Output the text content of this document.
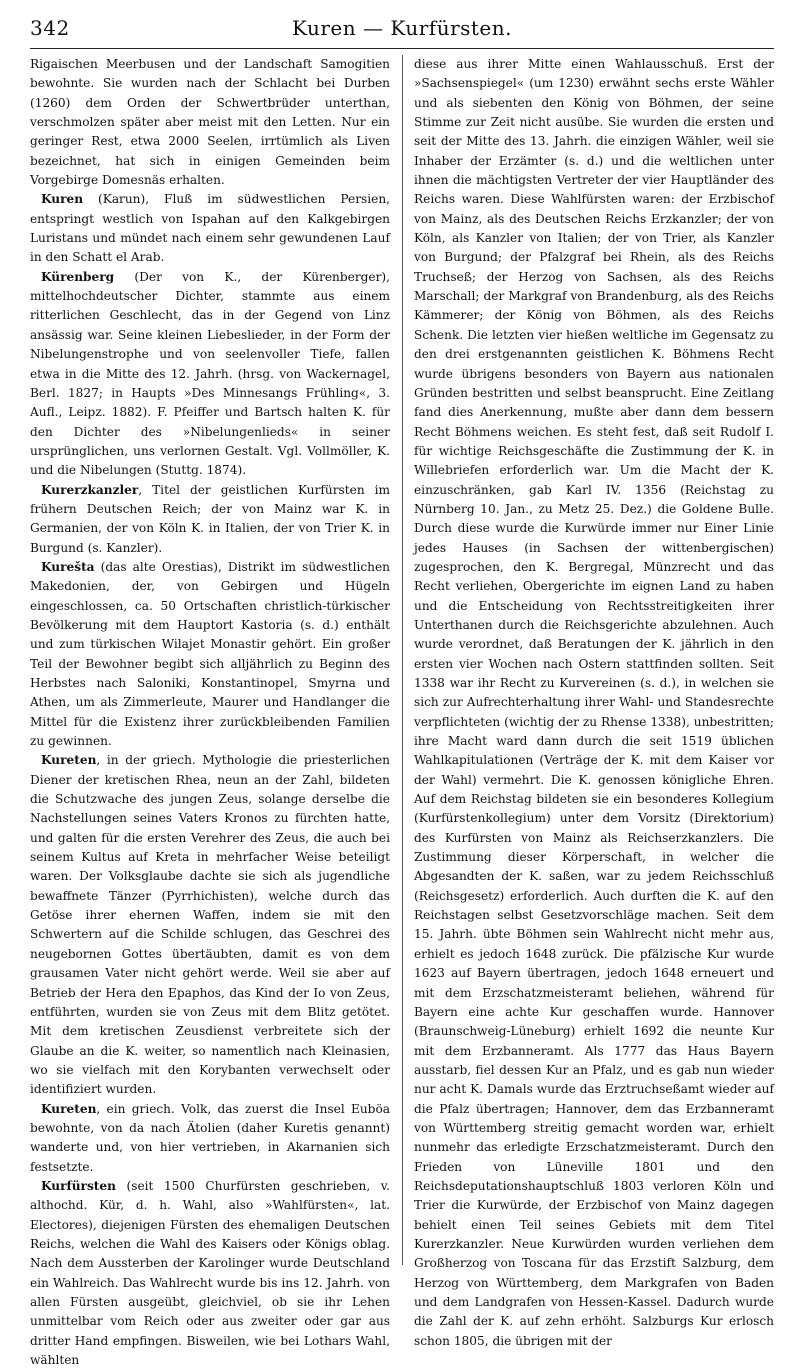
342	Kuren — Kurfürsten.

Rigaischen Meerbusen und der Landschaft Samogitien bewohnte. Sie wurden nach der Schlacht bei Durben (1260) dem Orden der Schwertbrüder unterthan, verschmolzen später aber meist mit den Letten. Nur ein geringer Rest, etwa 2000 Seelen, irrtümlich als Liven bezeichnet, hat sich in einigen Gemeinden beim Vorgebirge Domesnäs erhalten.

Kuren (Karun), Fluß im südwestlichen Persien, entspringt westlich von Ispahan auf den Kalkgebirgen Luristans und mündet nach einem sehr gewundenen Lauf in den Schatt el Arab.

Kürenberg (Der von K., der Kürenberger), mittelhochdeutscher Dichter, stammte aus einem ritterlichen Geschlecht, das in der Gegend von Linz ansässig war. Seine kleinen Liebeslieder, in der Form der Nibelungenstrophe und von seelenvoller Tiefe, fallen etwa in die Mitte des 12. Jahrh. (hrsg. von Wackernagel, Berl. 1827; in Haupts »Des Minnesangs Frühling«, 3. Aufl., Leipz. 1882). F. Pfeiffer und Bartsch halten K. für den Dichter des »Nibelungenlieds« in seiner ursprünglichen, uns verlornen Gestalt. Vgl. Vollmöller, K. und die Nibelungen (Stuttg. 1874).

Kurerzkanzler, Titel der geistlichen Kurfürsten im frühern Deutschen Reich; der von Mainz war K. in Germanien, der von Köln K. in Italien, der von Trier K. in Burgund (s. Kanzler).

Kurešta (das alte Orestias), Distrikt im südwestlichen Makedonien, der, von Gebirgen und Hügeln eingeschlossen, ca. 50 Ortschaften christlich-türkischer Bevölkerung mit dem Hauptort Kastoria (s. d.) enthält und zum türkischen Wilajet Monastir gehört. Ein großer Teil der Bewohner begibt sich alljährlich zu Beginn des Herbstes nach Saloniki, Konstantinopel, Smyrna und Athen, um als Zimmerleute, Maurer und Handlanger die Mittel für die Existenz ihrer zurückbleibenden Familien zu gewinnen.

Kureten, in der griech. Mythologie die priesterlichen Diener der kretischen Rhea, neun an der Zahl, bildeten die Schutzwache des jungen Zeus, solange derselbe die Nachstellungen seines Vaters Kronos zu fürchten hatte, und galten für die ersten Verehrer des Zeus, die auch bei seinem Kultus auf Kreta in mehrfacher Weise beteiligt waren. Der Volksglaube dachte sie sich als jugendliche bewaffnete Tänzer (Pyrrhichisten), welche durch das Getöse ihrer ehernen Waffen, indem sie mit den Schwertern auf die Schilde schlugen, das Geschrei des neugebornen Gottes übertäubten, damit es von dem grausamen Vater nicht gehört werde. Weil sie aber auf Betrieb der Hera den Epaphos, das Kind der Io von Zeus, entführten, wurden sie von Zeus mit dem Blitz getötet. Mit dem kretischen Zeusdienst verbreitete sich der Glaube an die K. weiter, so namentlich nach Kleinasien, wo sie vielfach mit den Korybanten verwechselt oder identifiziert wurden.

Kureten, ein griech. Volk, das zuerst die Insel Euböa bewohnte, von da nach Ätolien (daher Kuretis genannt) wanderte und, von hier vertrieben, in Akarnanien sich festsetzte.

Kurfürsten (seit 1500 Churfürsten geschrieben, v. althochd. Kür, d. h. Wahl, also »Wahlfürsten«, lat. Electores), diejenigen Fürsten des ehemaligen Deutschen Reichs, welchen die Wahl des Kaisers oder Königs oblag. Nach dem Aussterben der Karolinger wurde Deutschland ein Wahlreich. Das Wahlrecht wurde bis ins 12. Jahrh. von allen Fürsten ausgeübt, gleichviel, ob sie ihr Lehen unmittelbar vom Reich oder aus zweiter oder gar aus dritter Hand empfingen. Bisweilen, wie bei Lothars Wahl, wählten

diese aus ihrer Mitte einen Wahlausschuß. Erst der »Sachsenspiegel« (um 1230) erwähnt sechs erste Wähler und als siebenten den König von Böhmen, der seine Stimme zur Zeit nicht ausübe. Sie wurden die ersten und seit der Mitte des 13. Jahrh. die einzigen Wähler, weil sie Inhaber der Erzämter (s. d.) und die weltlichen unter ihnen die mächtigsten Vertreter der vier Hauptländer des Reichs waren. Diese Wahlfürsten waren: der Erzbischof von Mainz, als des Deutschen Reichs Erzkanzler; der von Köln, als Kanzler von Italien; der von Trier, als Kanzler von Burgund; der Pfalzgraf bei Rhein, als des Reichs Truchseß; der Herzog von Sachsen, als des Reichs Marschall; der Markgraf von Brandenburg, als des Reichs Kämmerer; der König von Böhmen, als des Reichs Schenk. Die letzten vier hießen weltliche im Gegensatz zu den drei erstgenannten geistlichen K. Böhmens Recht wurde übrigens besonders von Bayern aus nationalen Gründen bestritten und selbst beansprucht. Eine Zeitlang fand dies Anerkennung, mußte aber dann dem bessern Recht Böhmens weichen. Es steht fest, daß seit Rudolf I. für wichtige Reichsgeschäfte die Zustimmung der K. in Willebriefen erforderlich war. Um die Macht der K. einzuschränken, gab Karl IV. 1356 (Reichstag zu Nürnberg 10. Jan., zu Metz 25. Dez.) die Goldene Bulle. Durch diese wurde die Kurwürde immer nur Einer Linie jedes Hauses (in Sachsen der wittenbergischen) zugesprochen, den K. Bergregal, Münzrecht und das Recht verliehen, Obergerichte im eignen Land zu haben und die Entscheidung von Rechtsstreitigkeiten ihrer Unterthanen durch die Reichsgerichte abzulehnen. Auch wurde verordnet, daß Beratungen der K. jährlich in den ersten vier Wochen nach Ostern stattfinden sollten. Seit 1338 war ihr Recht zu Kurvereinen (s. d.), in welchen sie sich zur Aufrechterhaltung ihrer Wahl- und Standesrechte verpflichteten (wichtig der zu Rhense 1338), unbestritten; ihre Macht ward dann durch die seit 1519 üblichen Wahlkapitulationen (Verträge der K. mit dem Kaiser vor der Wahl) vermehrt. Die K. genossen königliche Ehren. Auf dem Reichstag bildeten sie ein besonderes Kollegium (Kurfürstenkollegium) unter dem Vorsitz (Direktorium) des Kurfürsten von Mainz als Reichserzkanzlers. Die Zustimmung dieser Körperschaft, in welcher die Abgesandten der K. saßen, war zu jedem Reichsschluß (Reichsgesetz) erforderlich. Auch durften die K. auf den Reichstagen selbst Gesetzvorschläge machen. Seit dem 15. Jahrh. übte Böhmen sein Wahlrecht nicht mehr aus, erhielt es jedoch 1648 zurück. Die pfälzische Kur wurde 1623 auf Bayern übertragen, jedoch 1648 erneuert und mit dem Erzschatzmeisteramt beliehen, während für Bayern eine achte Kur geschaffen wurde. Hannover (Braunschweig-Lüneburg) erhielt 1692 die neunte Kur mit dem Erzbanneramt. Als 1777 das Haus Bayern ausstarb, fiel dessen Kur an Pfalz, und es gab nun wieder nur acht K. Damals wurde das Erztruchseßamt wieder auf die Pfalz übertragen; Hannover, dem das Erzbanneramt von Württemberg streitig gemacht worden war, erhielt nunmehr das erledigte Erzschatzmeisteramt. Durch den Frieden von Lüneville 1801 und den Reichsdeputationshauptschluß 1803 verloren Köln und Trier die Kurwürde, der Erzbischof von Mainz dagegen behielt einen Teil seines Gebiets mit dem Titel Kurerzkanzler. Neue Kurwürden wurden verliehen dem Großherzog von Toscana für das Erzstift Salzburg, dem Herzog von Württemberg, dem Markgrafen von Baden und dem Landgrafen von Hessen-Kassel. Dadurch wurde die Zahl der K. auf zehn erhöht. Salzburgs Kur erlosch schon 1805, die übrigen mit der
